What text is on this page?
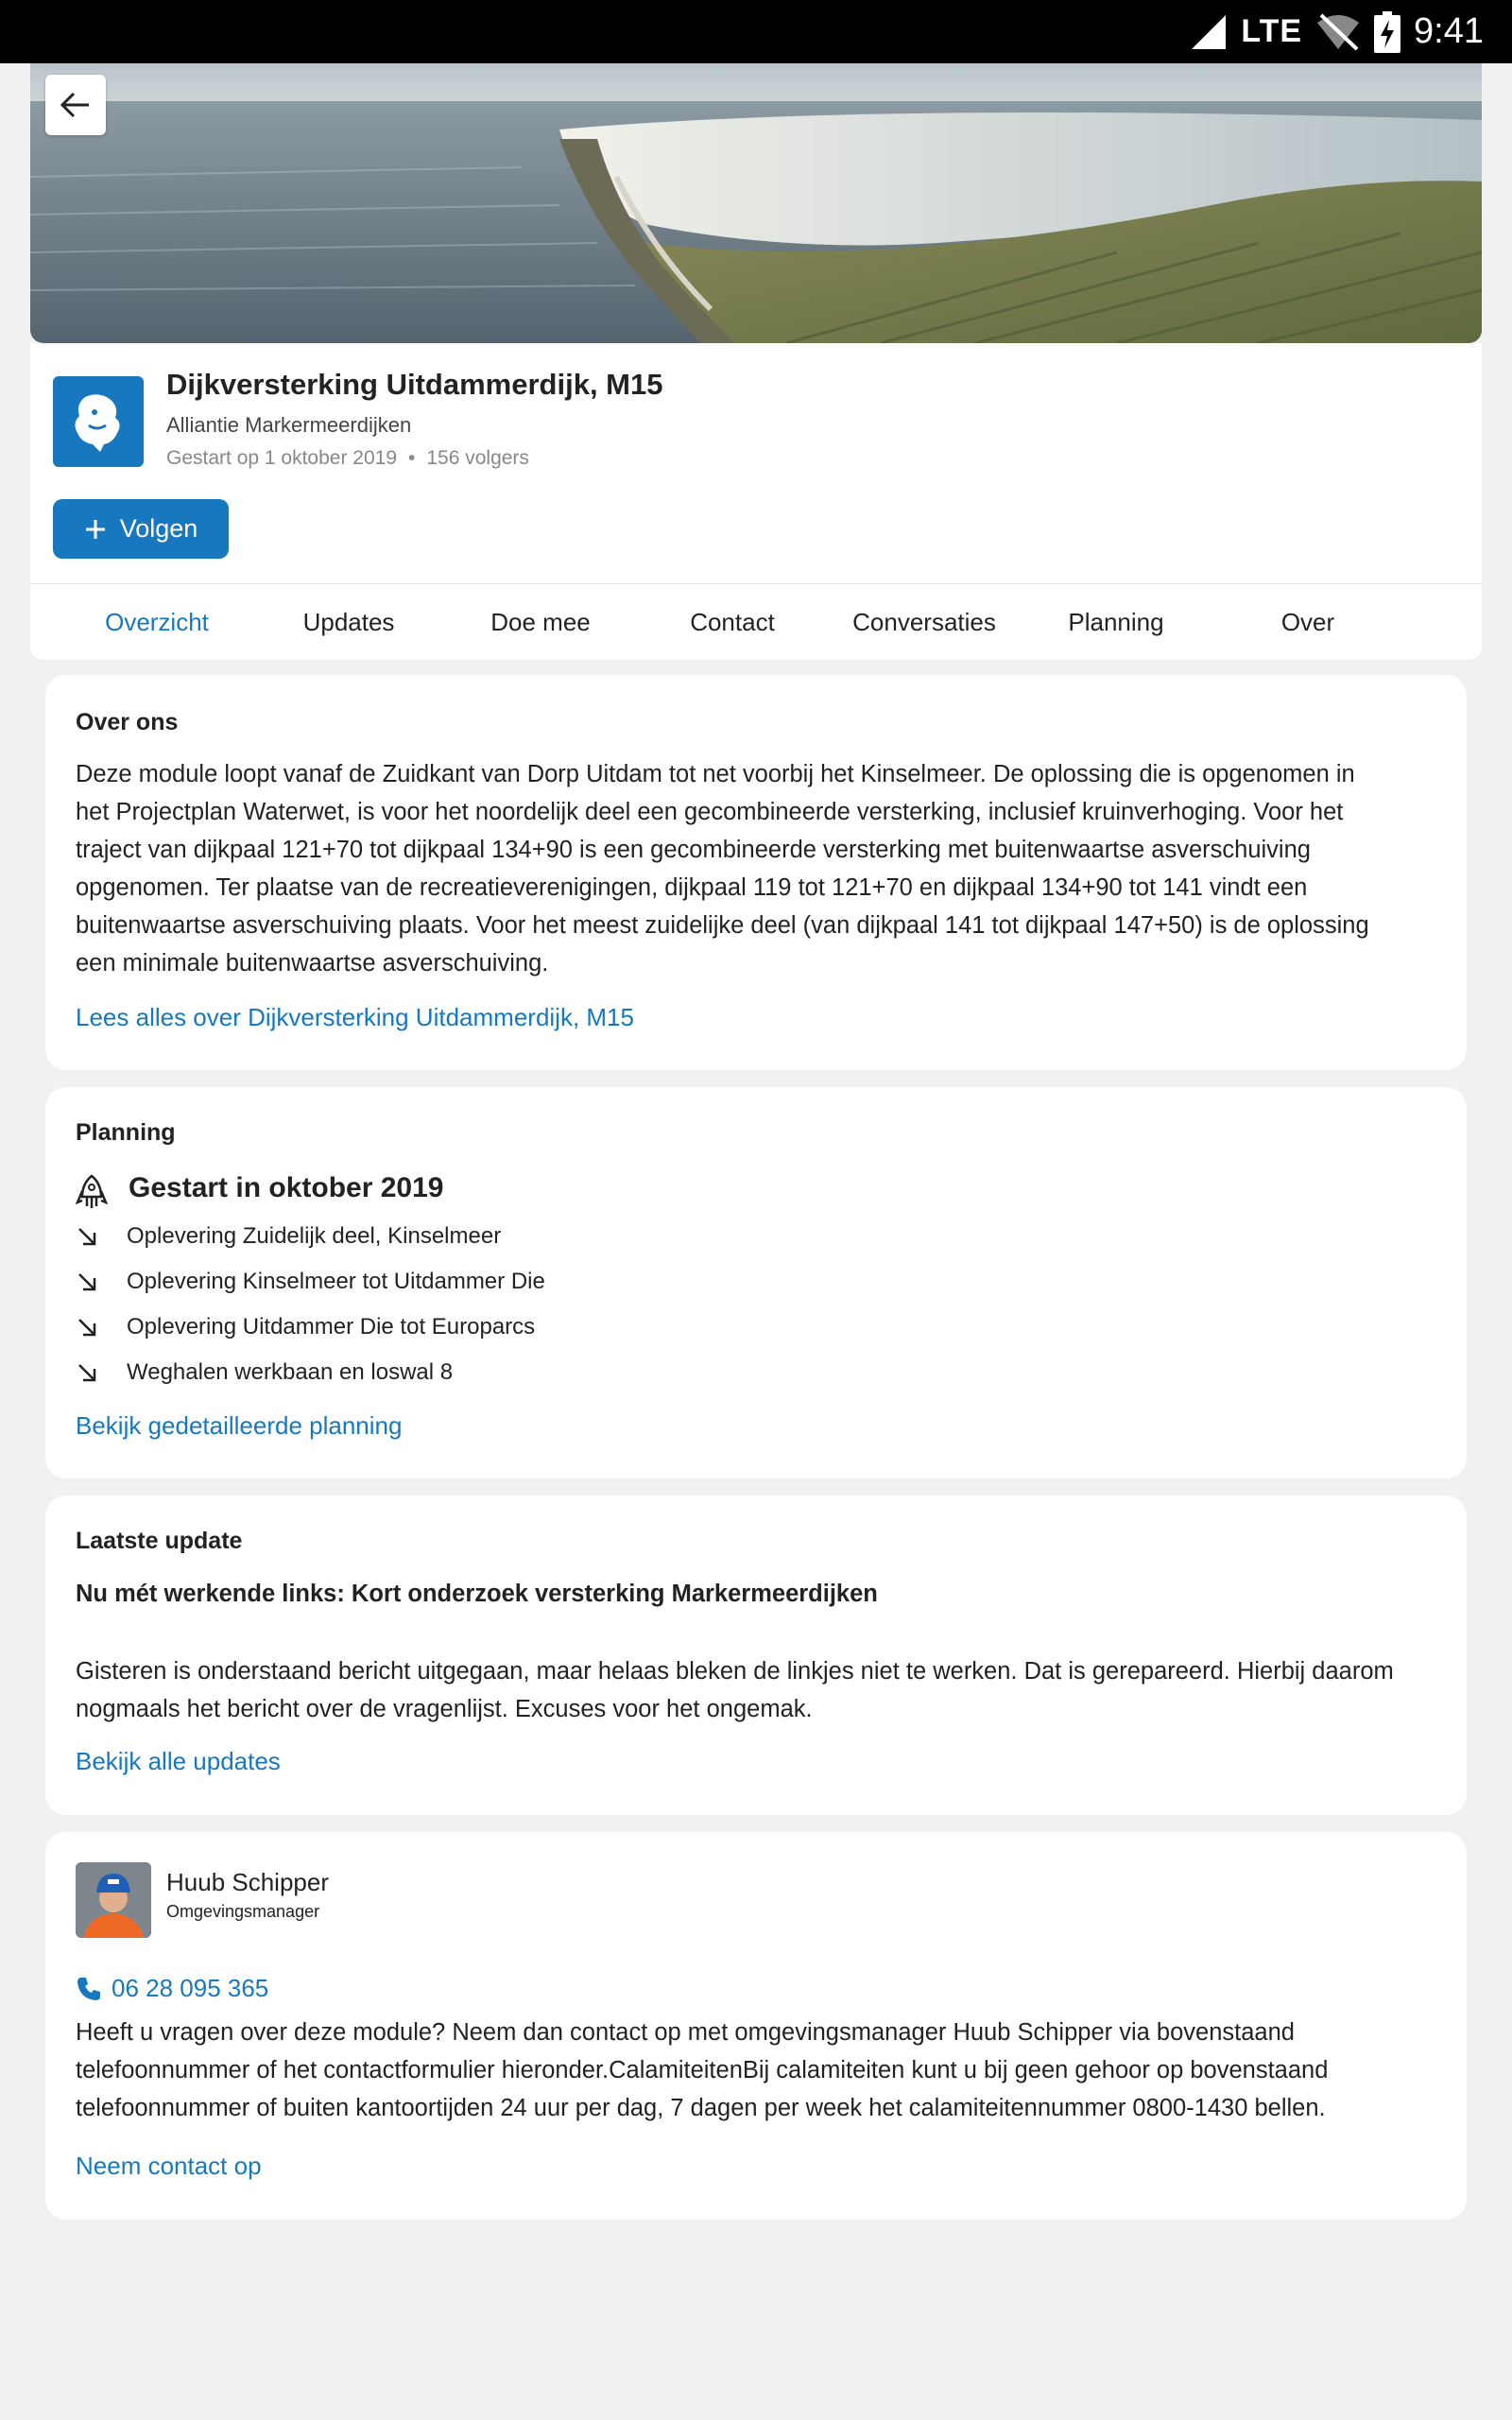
LTE	9:41
Dijkversterking Uitdammerdijk, M15
Alliantie Markermeerdijken
Gestart op 1 oktober 2019 • 156 volgers
Volgen
Overzicht	Updates	Doe mee	Contact	Conversaties	Planning	Over
Over ons
Deze module loopt vanaf de Zuidkant van Dorp Uitdam tot net voorbij het Kinselmeer. De oplossing die is opgenomen in
het Projectplan Waterwet, is voor het noordelijk deel een gecombineerde versterking, inclusief kruinverhoging. Voor het
traject van dijkpaal 121+70 tot dijkpaal 134+90 is een gecombineerde versterking met buitenwaartse asverschuiving
opgenomen. Ter plaatse van de recreatieverenigingen, dijkpaal 119 tot 121+70 en dijkpaal 134+90 tot 141 vindt een
buitenwaartse asverschuiving plaats. Voor het meest zuidelijke deel (van dijkpaal 141 tot dijkpaal 147+50) is de oplossing
een minimale buitenwaartse asverschuiving.
Lees alles over Dijkversterking Uitdammerdijk, M15
Planning
Gestart in oktober 2019
Oplevering Zuidelijk deel, Kinselmeer
Oplevering Kinselmeer tot Uitdammer Die
Oplevering Uitdammer Die tot Europarcs
Weghalen werkbaan en loswal 8
Bekijk gedetailleerde planning
Laatste update
Nu mét werkende links: Kort onderzoek versterking Markermeerdijken
Gisteren is onderstaand bericht uitgegaan, maar helaas bleken de linkjes niet te werken. Dat is gerepareerd. Hierbij daarom
nogmaals het bericht over de vragenlijst. Excuses voor het ongemak.
Bekijk alle updates
Huub Schipper
Omgevingsmanager
06 28 095 365
Heeft u vragen over deze module? Neem dan contact op met omgevingsmanager Huub Schipper via bovenstaand
telefoonnummer of het contactformulier hieronder.CalamiteitenBij calamiteiten kunt u bij geen gehoor op bovenstaand
telefoonnummer of buiten kantoortijden 24 uur per dag, 7 dagen per week het calamiteitennummer 0800-1430 bellen.
Neem contact op
